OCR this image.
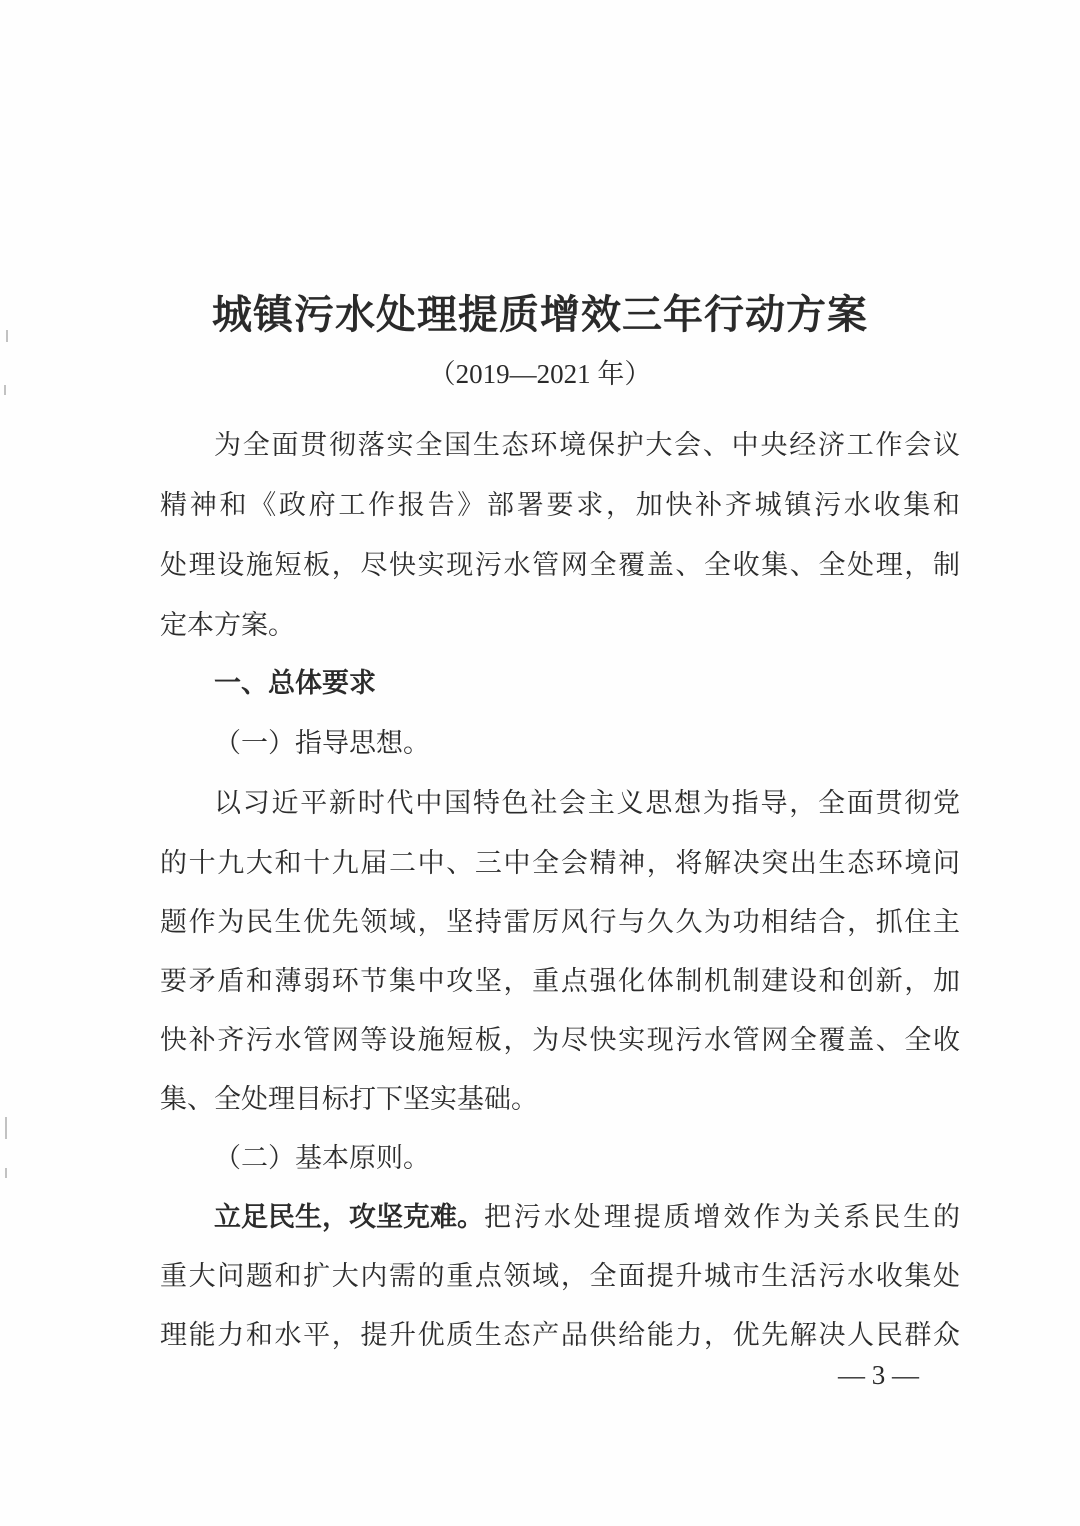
城镇污水处理提质增效三年行动方案
（2019—2021 年）
为全面贯彻落实全国生态环境保护大会、中央经济工作会议
精神和《政府工作报告》部署要求，加快补齐城镇污水收集和
处理设施短板，尽快实现污水管网全覆盖、全收集、全处理，制
定本方案。
一、总体要求
（一）指导思想。
以习近平新时代中国特色社会主义思想为指导，全面贯彻党
的十九大和十九届二中、三中全会精神，将解决突出生态环境问
题作为民生优先领域，坚持雷厉风行与久久为功相结合，抓住主
要矛盾和薄弱环节集中攻坚，重点强化体制机制建设和创新，加
快补齐污水管网等设施短板，为尽快实现污水管网全覆盖、全收
集、全处理目标打下坚实基础。
（二）基本原则。
立足民生，攻坚克难。 把污水处理提质增效作为关系民生的
重大问题和扩大内需的重点领域，全面提升城市生活污水收集处
理能力和水平，提升优质生态产品供给能力，优先解决人民群众
— 3 —
